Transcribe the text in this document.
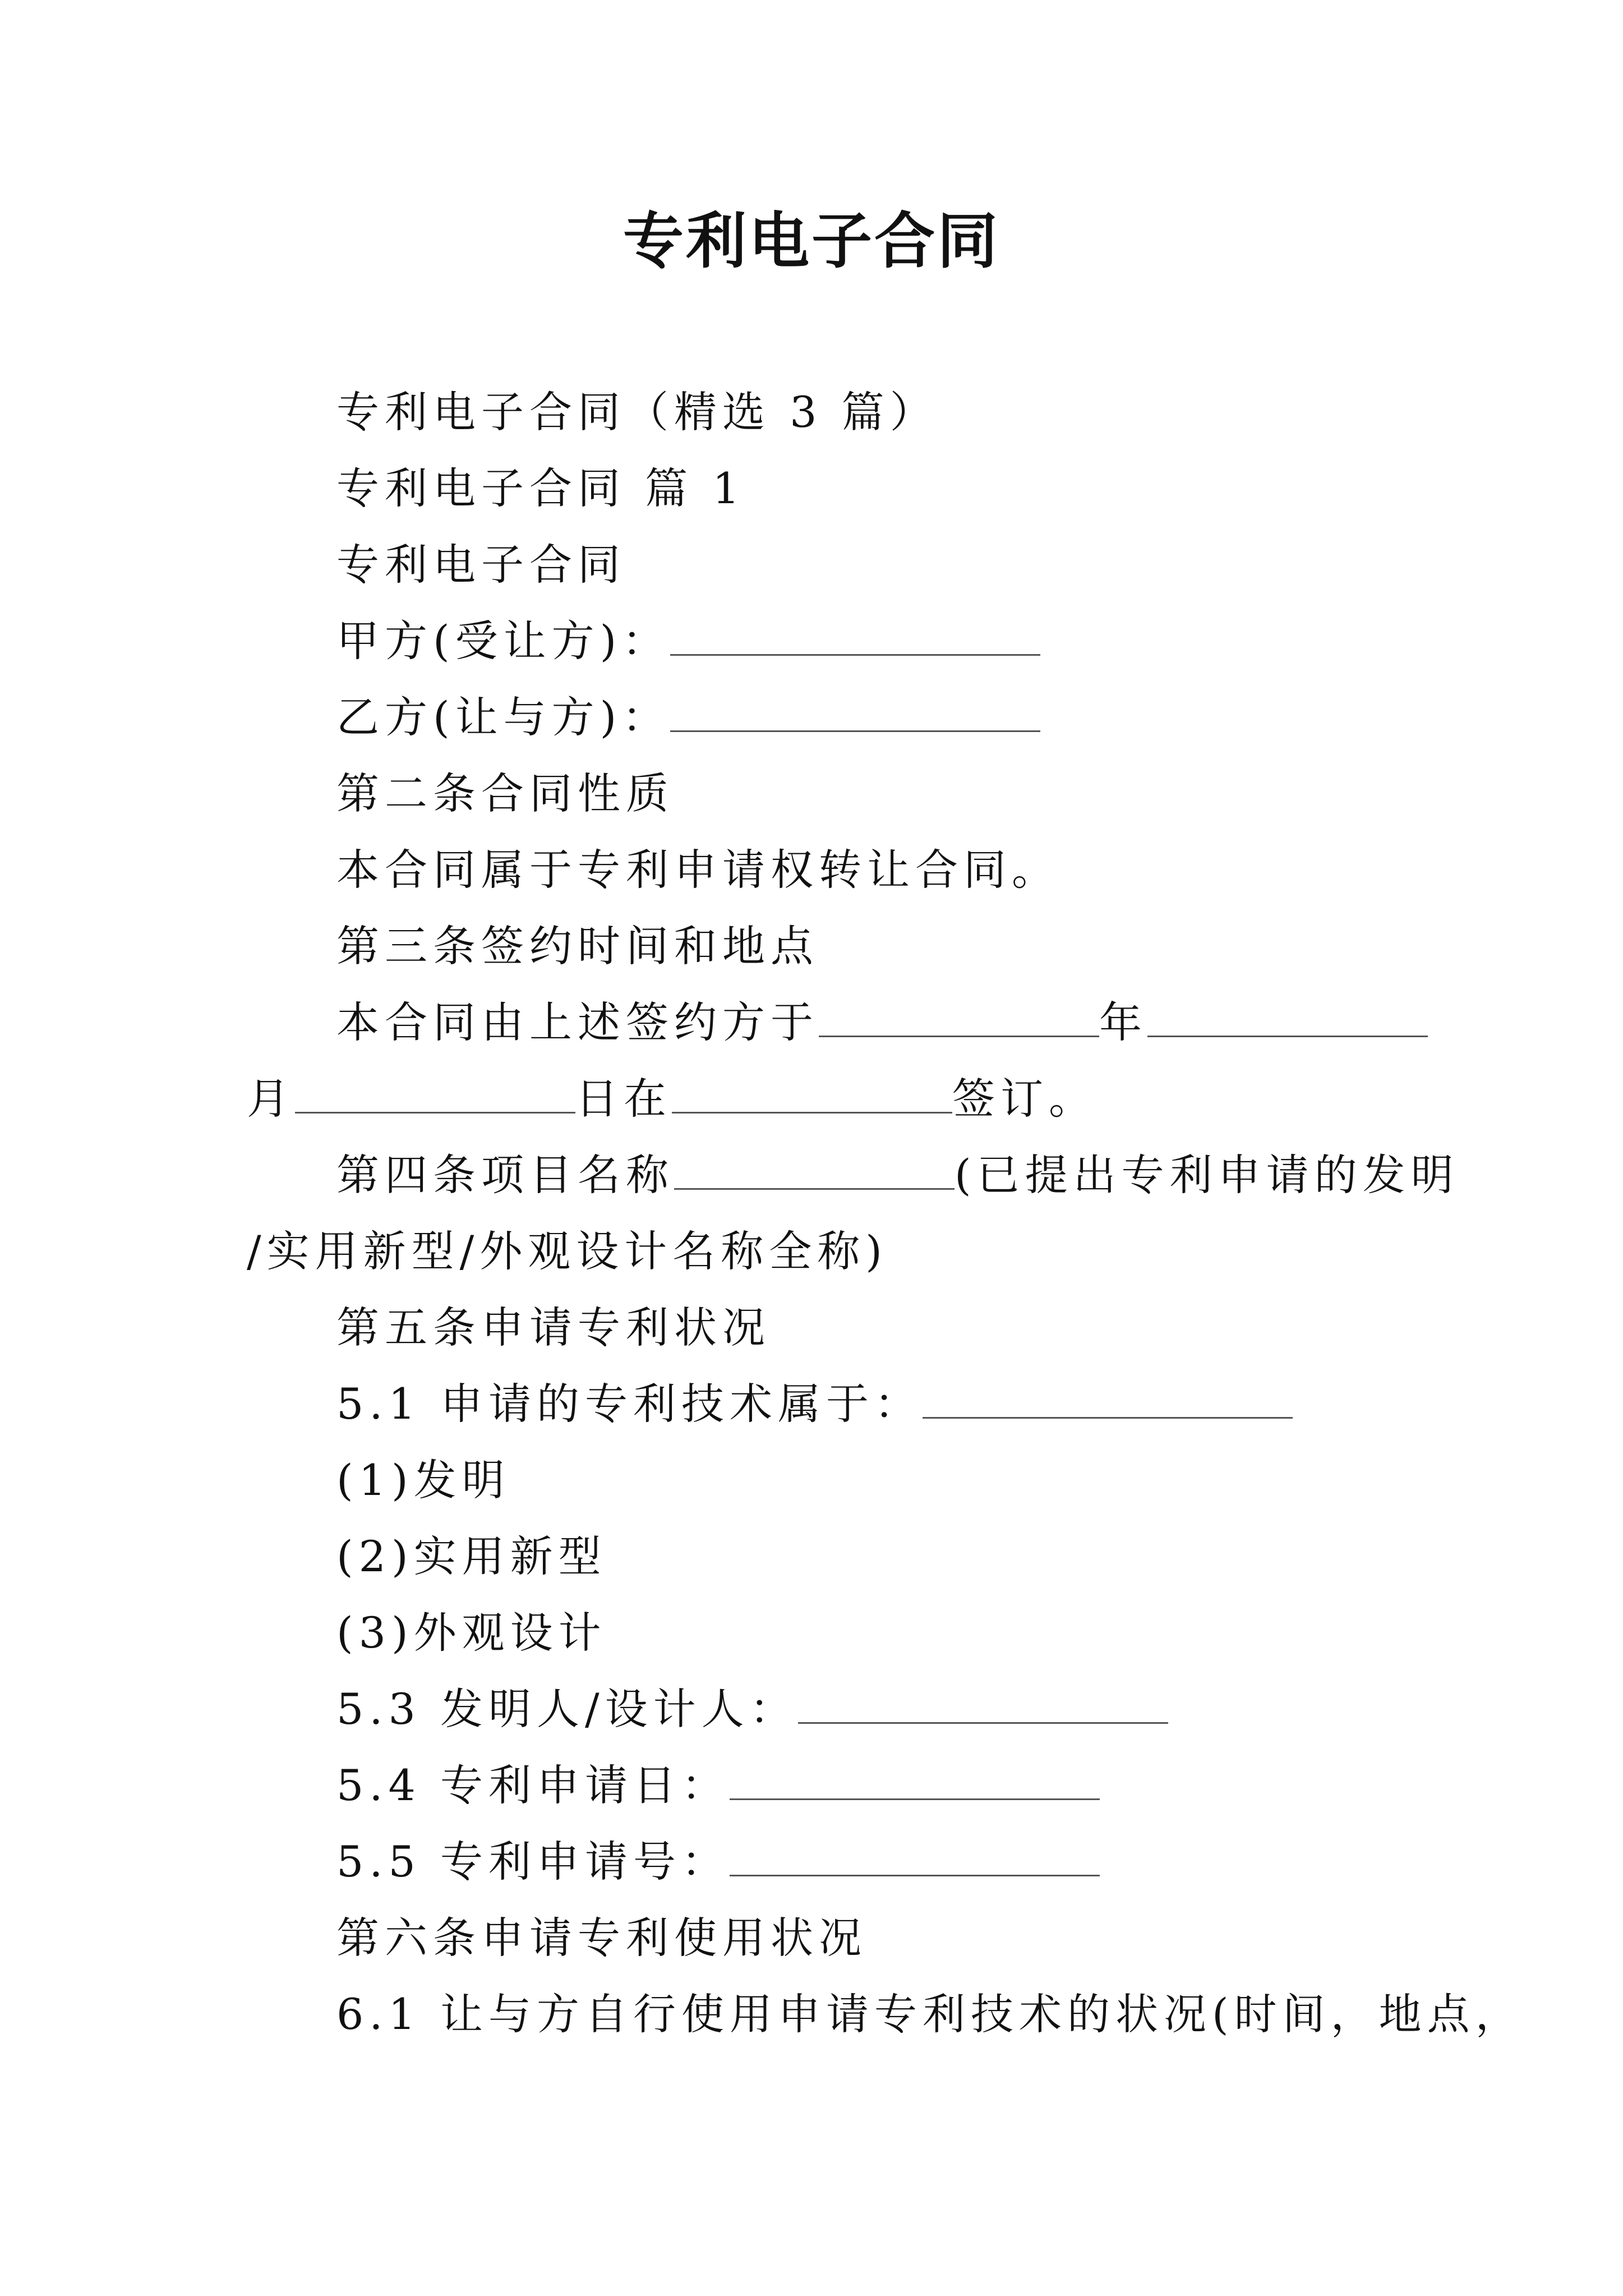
专利电子合同
专利电子合同（精选 3 篇）
专利电子合同 篇 1
专利电子合同
甲方(受让方)：
乙方(让与方)：
第二条合同性质
本合同属于专利申请权转让合同。
第三条签约时间和地点
本合同由上述签约方于	年
月	日在	签订。
第四条项目名称	(已提出专利申请的发明
/实用新型/外观设计名称全称)
第五条申请专利状况
5.1 申请的专利技术属于：
(1)发明
(2)实用新型
(3)外观设计
5.3 发明人/设计人：
5.4 专利申请日：
5.5 专利申请号：
第六条申请专利使用状况
6.1 让与方自行使用申请专利技术的状况(时间，地点，
